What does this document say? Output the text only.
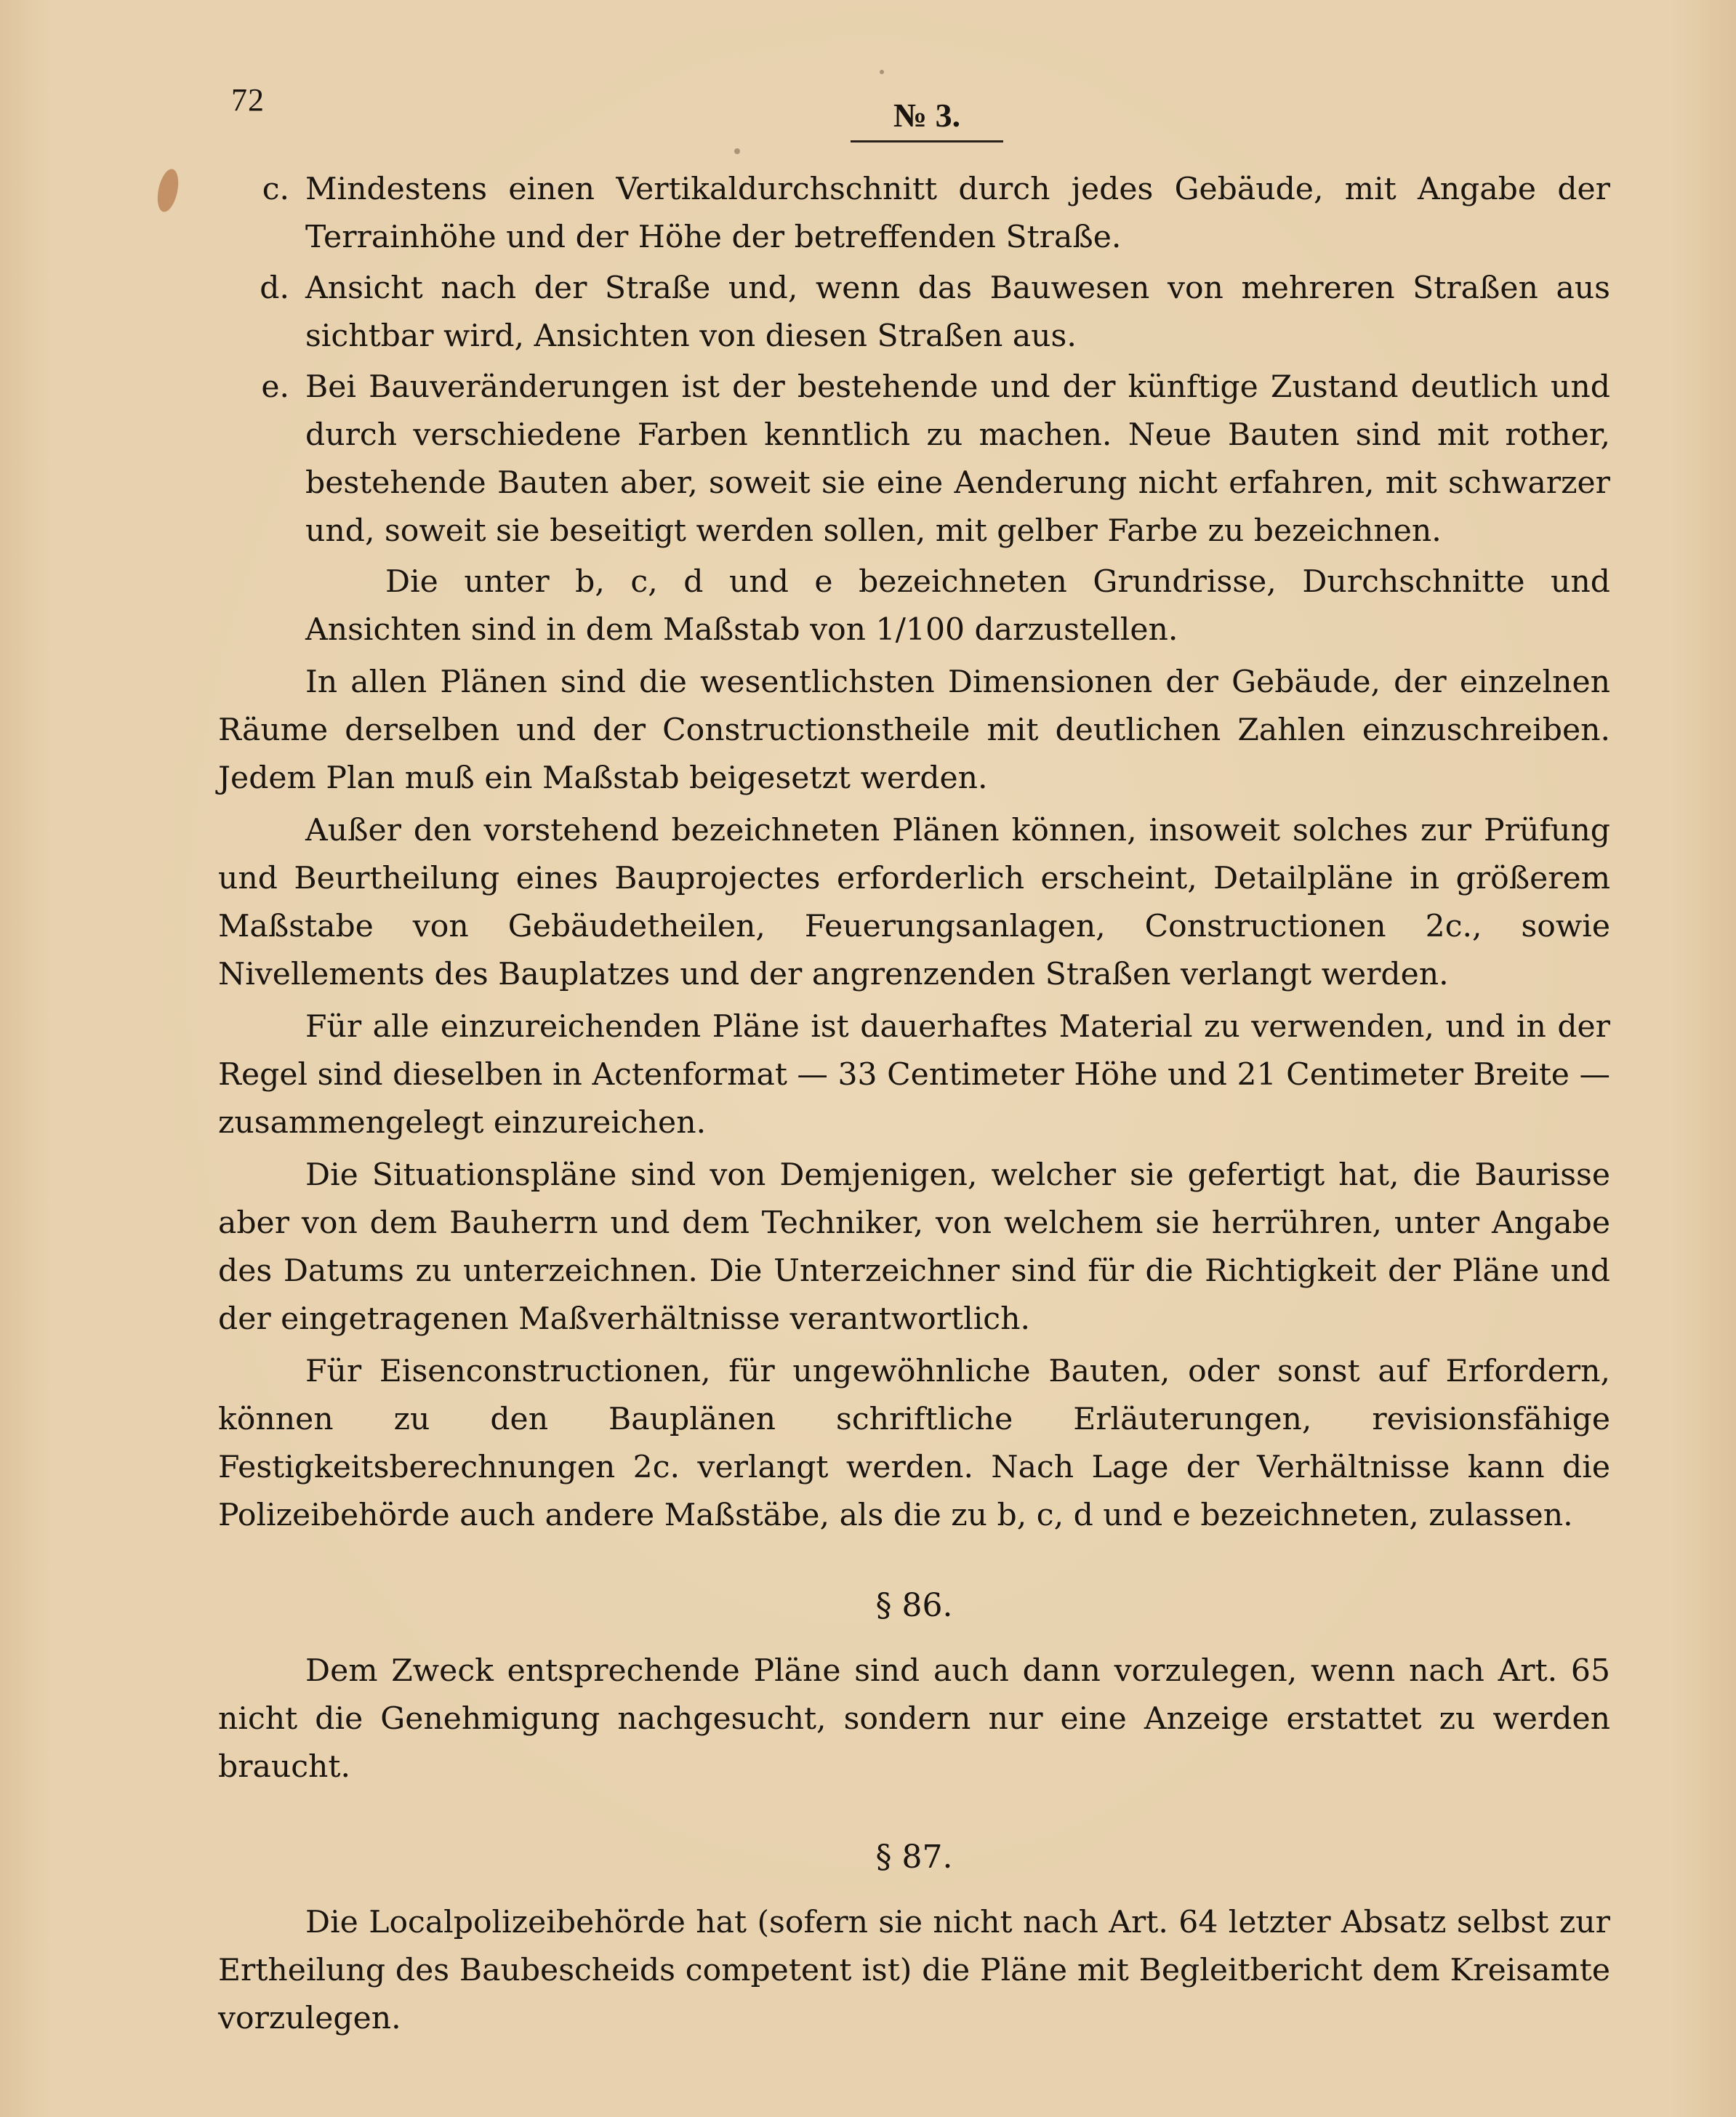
72	№ 3.
c. Mindestens einen Vertikaldurchschnitt durch jedes Gebäude, mit Angabe der Terrainhöhe und der Höhe der betreffenden Straße.
d. Ansicht nach der Straße und, wenn das Bauwesen von mehreren Straßen aus sichtbar wird, Ansichten von diesen Straßen aus.
e. Bei Bauveränderungen ist der bestehende und der künftige Zustand deutlich und durch verschiedene Farben kenntlich zu machen. Neue Bauten sind mit rother, bestehende Bauten aber, soweit sie eine Aenderung nicht erfahren, mit schwarzer und, soweit sie beseitigt werden sollen, mit gelber Farbe zu bezeichnen.

Die unter b, c, d und e bezeichneten Grundrisse, Durchschnitte und Ansichten sind in dem Maßstab von 1/100 darzustellen.

In allen Plänen sind die wesentlichsten Dimensionen der Gebäude, der einzelnen Räume derselben und der Constructionstheile mit deutlichen Zahlen einzuschreiben. Jedem Plan muß ein Maßstab beigesetzt werden.

Außer den vorstehend bezeichneten Plänen können, insoweit solches zur Prüfung und Beurtheilung eines Bauprojectes erforderlich erscheint, Detailpläne in größerem Maßstabe von Gebäudetheilen, Feuerungsanlagen, Constructionen 2c., sowie Nivellements des Bauplatzes und der angrenzenden Straßen verlangt werden.

Für alle einzureichenden Pläne ist dauerhaftes Material zu verwenden, und in der Regel sind dieselben in Actenformat — 33 Centimeter Höhe und 21 Centimeter Breite — zusammengelegt einzureichen.

Die Situationspläne sind von Demjenigen, welcher sie gefertigt hat, die Baurisse aber von dem Bauherrn und dem Techniker, von welchem sie herrühren, unter Angabe des Datums zu unterzeichnen. Die Unterzeichner sind für die Richtigkeit der Pläne und der eingetragenen Maßverhältnisse verantwortlich.

Für Eisenconstructionen, für ungewöhnliche Bauten, oder sonst auf Erfordern, können zu den Bauplänen schriftliche Erläuterungen, revisionsfähige Festigkeitsberechnungen 2c. verlangt werden. Nach Lage der Verhältnisse kann die Polizeibehörde auch andere Maßstäbe, als die zu b, c, d und e bezeichneten, zulassen.

§ 86.

Dem Zweck entsprechende Pläne sind auch dann vorzulegen, wenn nach Art. 65 nicht die Genehmigung nachgesucht, sondern nur eine Anzeige erstattet zu werden braucht.

§ 87.

Die Localpolizeibehörde hat (sofern sie nicht nach Art. 64 letzter Absatz selbst zur Ertheilung des Baubescheids competent ist) die Pläne mit Begleitbericht dem Kreisamte vorzulegen.
